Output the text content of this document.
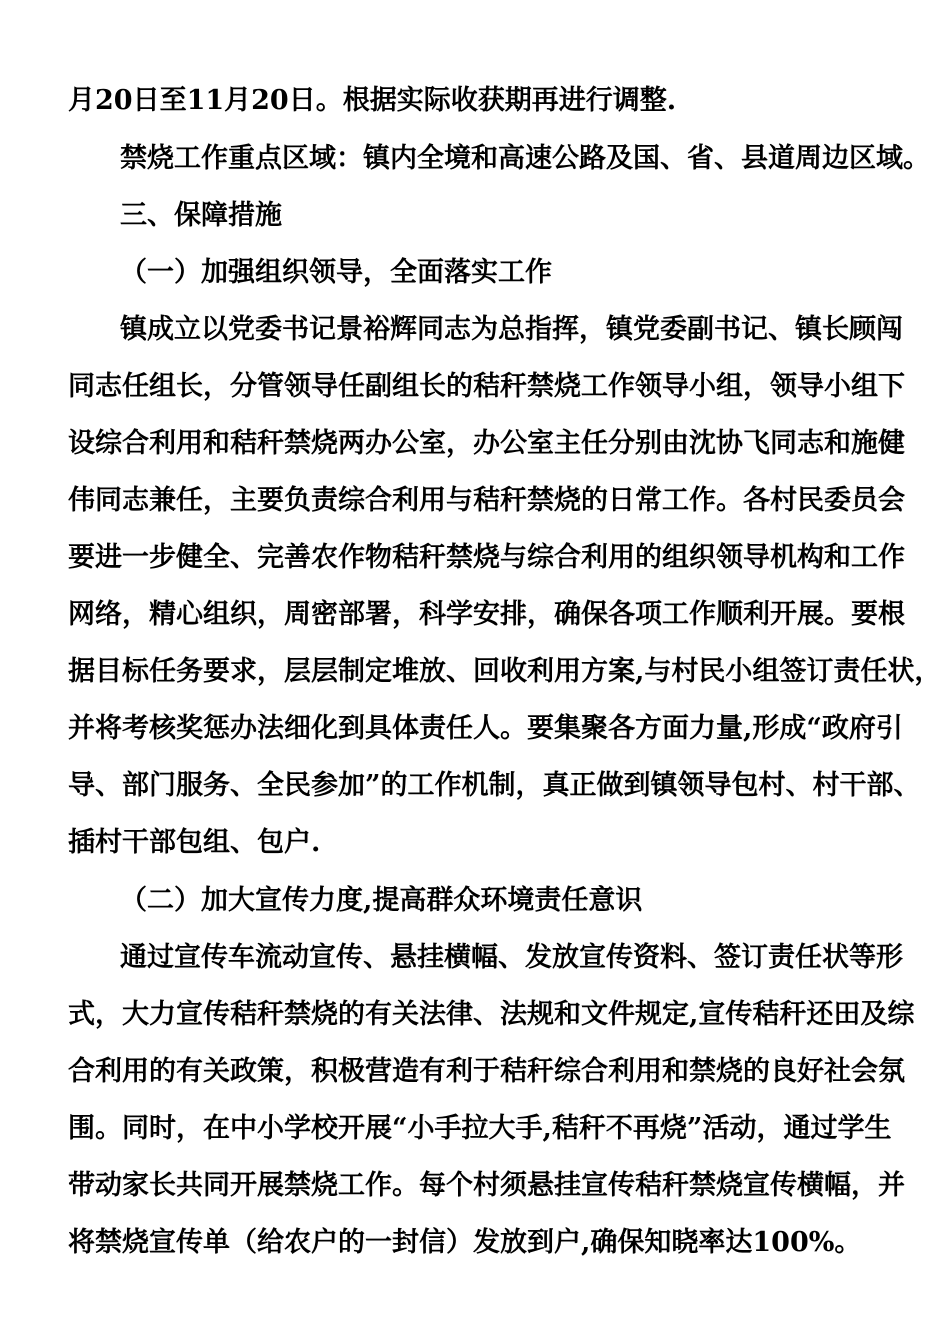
月20日至11月20日。根据实际收获期再进行调整.
禁烧工作重点区域：镇内全境和高速公路及国、省、县道周边区域。
三、保障措施
（一）加强组织领导，全面落实工作
镇成立以党委书记景裕辉同志为总指挥，镇党委副书记、镇长顾闯
同志任组长，分管领导任副组长的秸秆禁烧工作领导小组，领导小组下
设综合利用和秸秆禁烧两办公室，办公室主任分别由沈协飞同志和施健
伟同志兼任，主要负责综合利用与秸秆禁烧的日常工作。各村民委员会
要进一步健全、完善农作物秸秆禁烧与综合利用的组织领导机构和工作
网络，精心组织，周密部署，科学安排，确保各项工作顺利开展。要根
据目标任务要求，层层制定堆放、回收利用方案,与村民小组签订责任状，
并将考核奖惩办法细化到具体责任人。要集聚各方面力量,形成“政府引
导、部门服务、全民参加”的工作机制，真正做到镇领导包村、村干部、
插村干部包组、包户.
（二）加大宣传力度,提高群众环境责任意识
通过宣传车流动宣传、悬挂横幅、发放宣传资料、签订责任状等形
式，大力宣传秸秆禁烧的有关法律、法规和文件规定,宣传秸秆还田及综
合利用的有关政策，积极营造有利于秸秆综合利用和禁烧的良好社会氛
围。同时，在中小学校开展“小手拉大手,秸秆不再烧”活动，通过学生
带动家长共同开展禁烧工作。每个村须悬挂宣传秸秆禁烧宣传横幅，并
将禁烧宣传单（给农户的一封信）发放到户,确保知晓率达100%。
